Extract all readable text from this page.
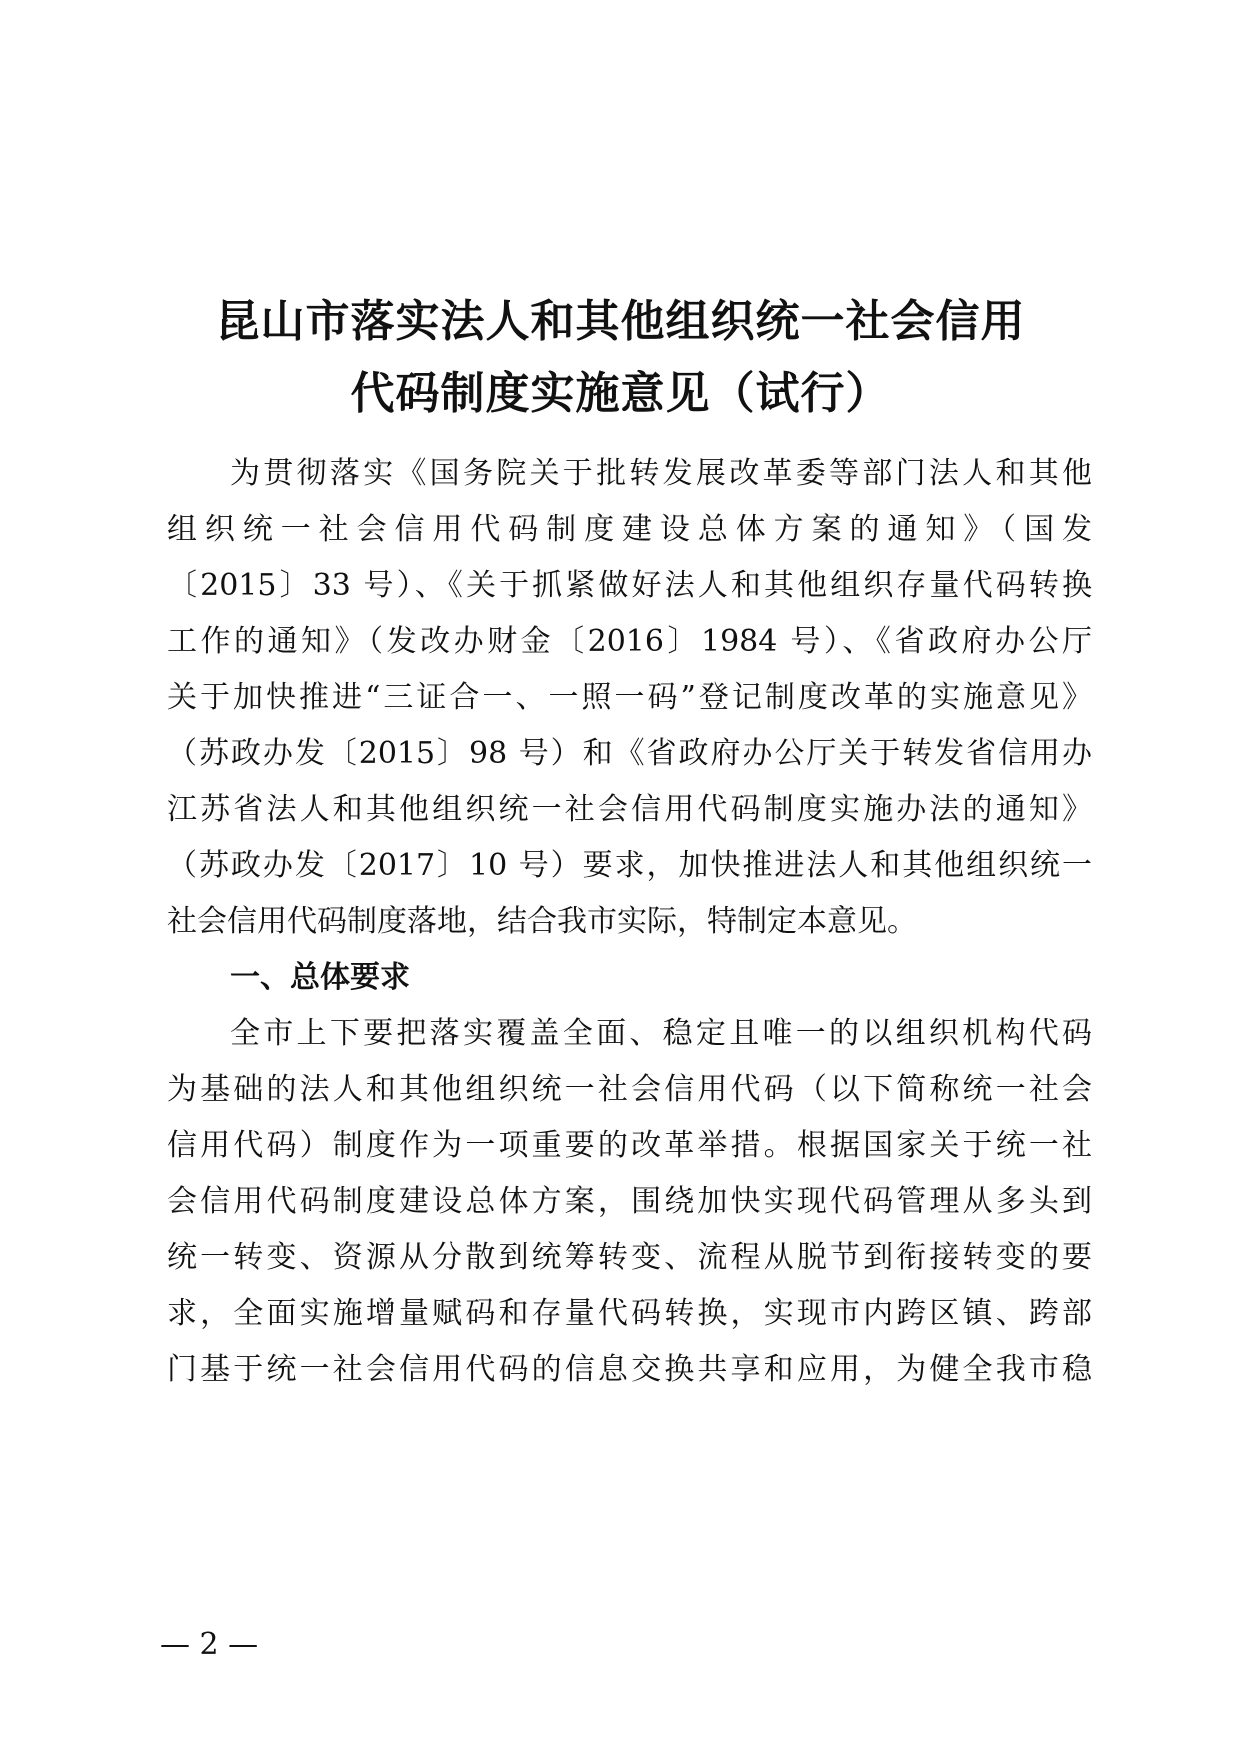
昆山市落实法人和其他组织统一社会信用
代码制度实施意见（试行）
为贯彻落实《国务院关于批转发展改革委等部门法人和其他
组织统一社会信用代码制度建设总体方案的通知》（国发
〔2015〕33 号）、《关于抓紧做好法人和其他组织存量代码转换
工作的通知》（发改办财金〔2016〕1984 号）、《省政府办公厅
关于加快推进“三证合一、一照一码”登记制度改革的实施意见》
（苏政办发〔2015〕98 号）和《省政府办公厅关于转发省信用办
江苏省法人和其他组织统一社会信用代码制度实施办法的通知》
（苏政办发〔2017〕10 号）要求，加快推进法人和其他组织统一
社会信用代码制度落地，结合我市实际，特制定本意见。
一、总体要求
全市上下要把落实覆盖全面、稳定且唯一的以组织机构代码
为基础的法人和其他组织统一社会信用代码（以下简称统一社会
信用代码）制度作为一项重要的改革举措。根据国家关于统一社
会信用代码制度建设总体方案，围绕加快实现代码管理从多头到
统一转变、资源从分散到统筹转变、流程从脱节到衔接转变的要
求，全面实施增量赋码和存量代码转换，实现市内跨区镇、跨部
门基于统一社会信用代码的信息交换共享和应用，为健全我市稳
— 2 —
